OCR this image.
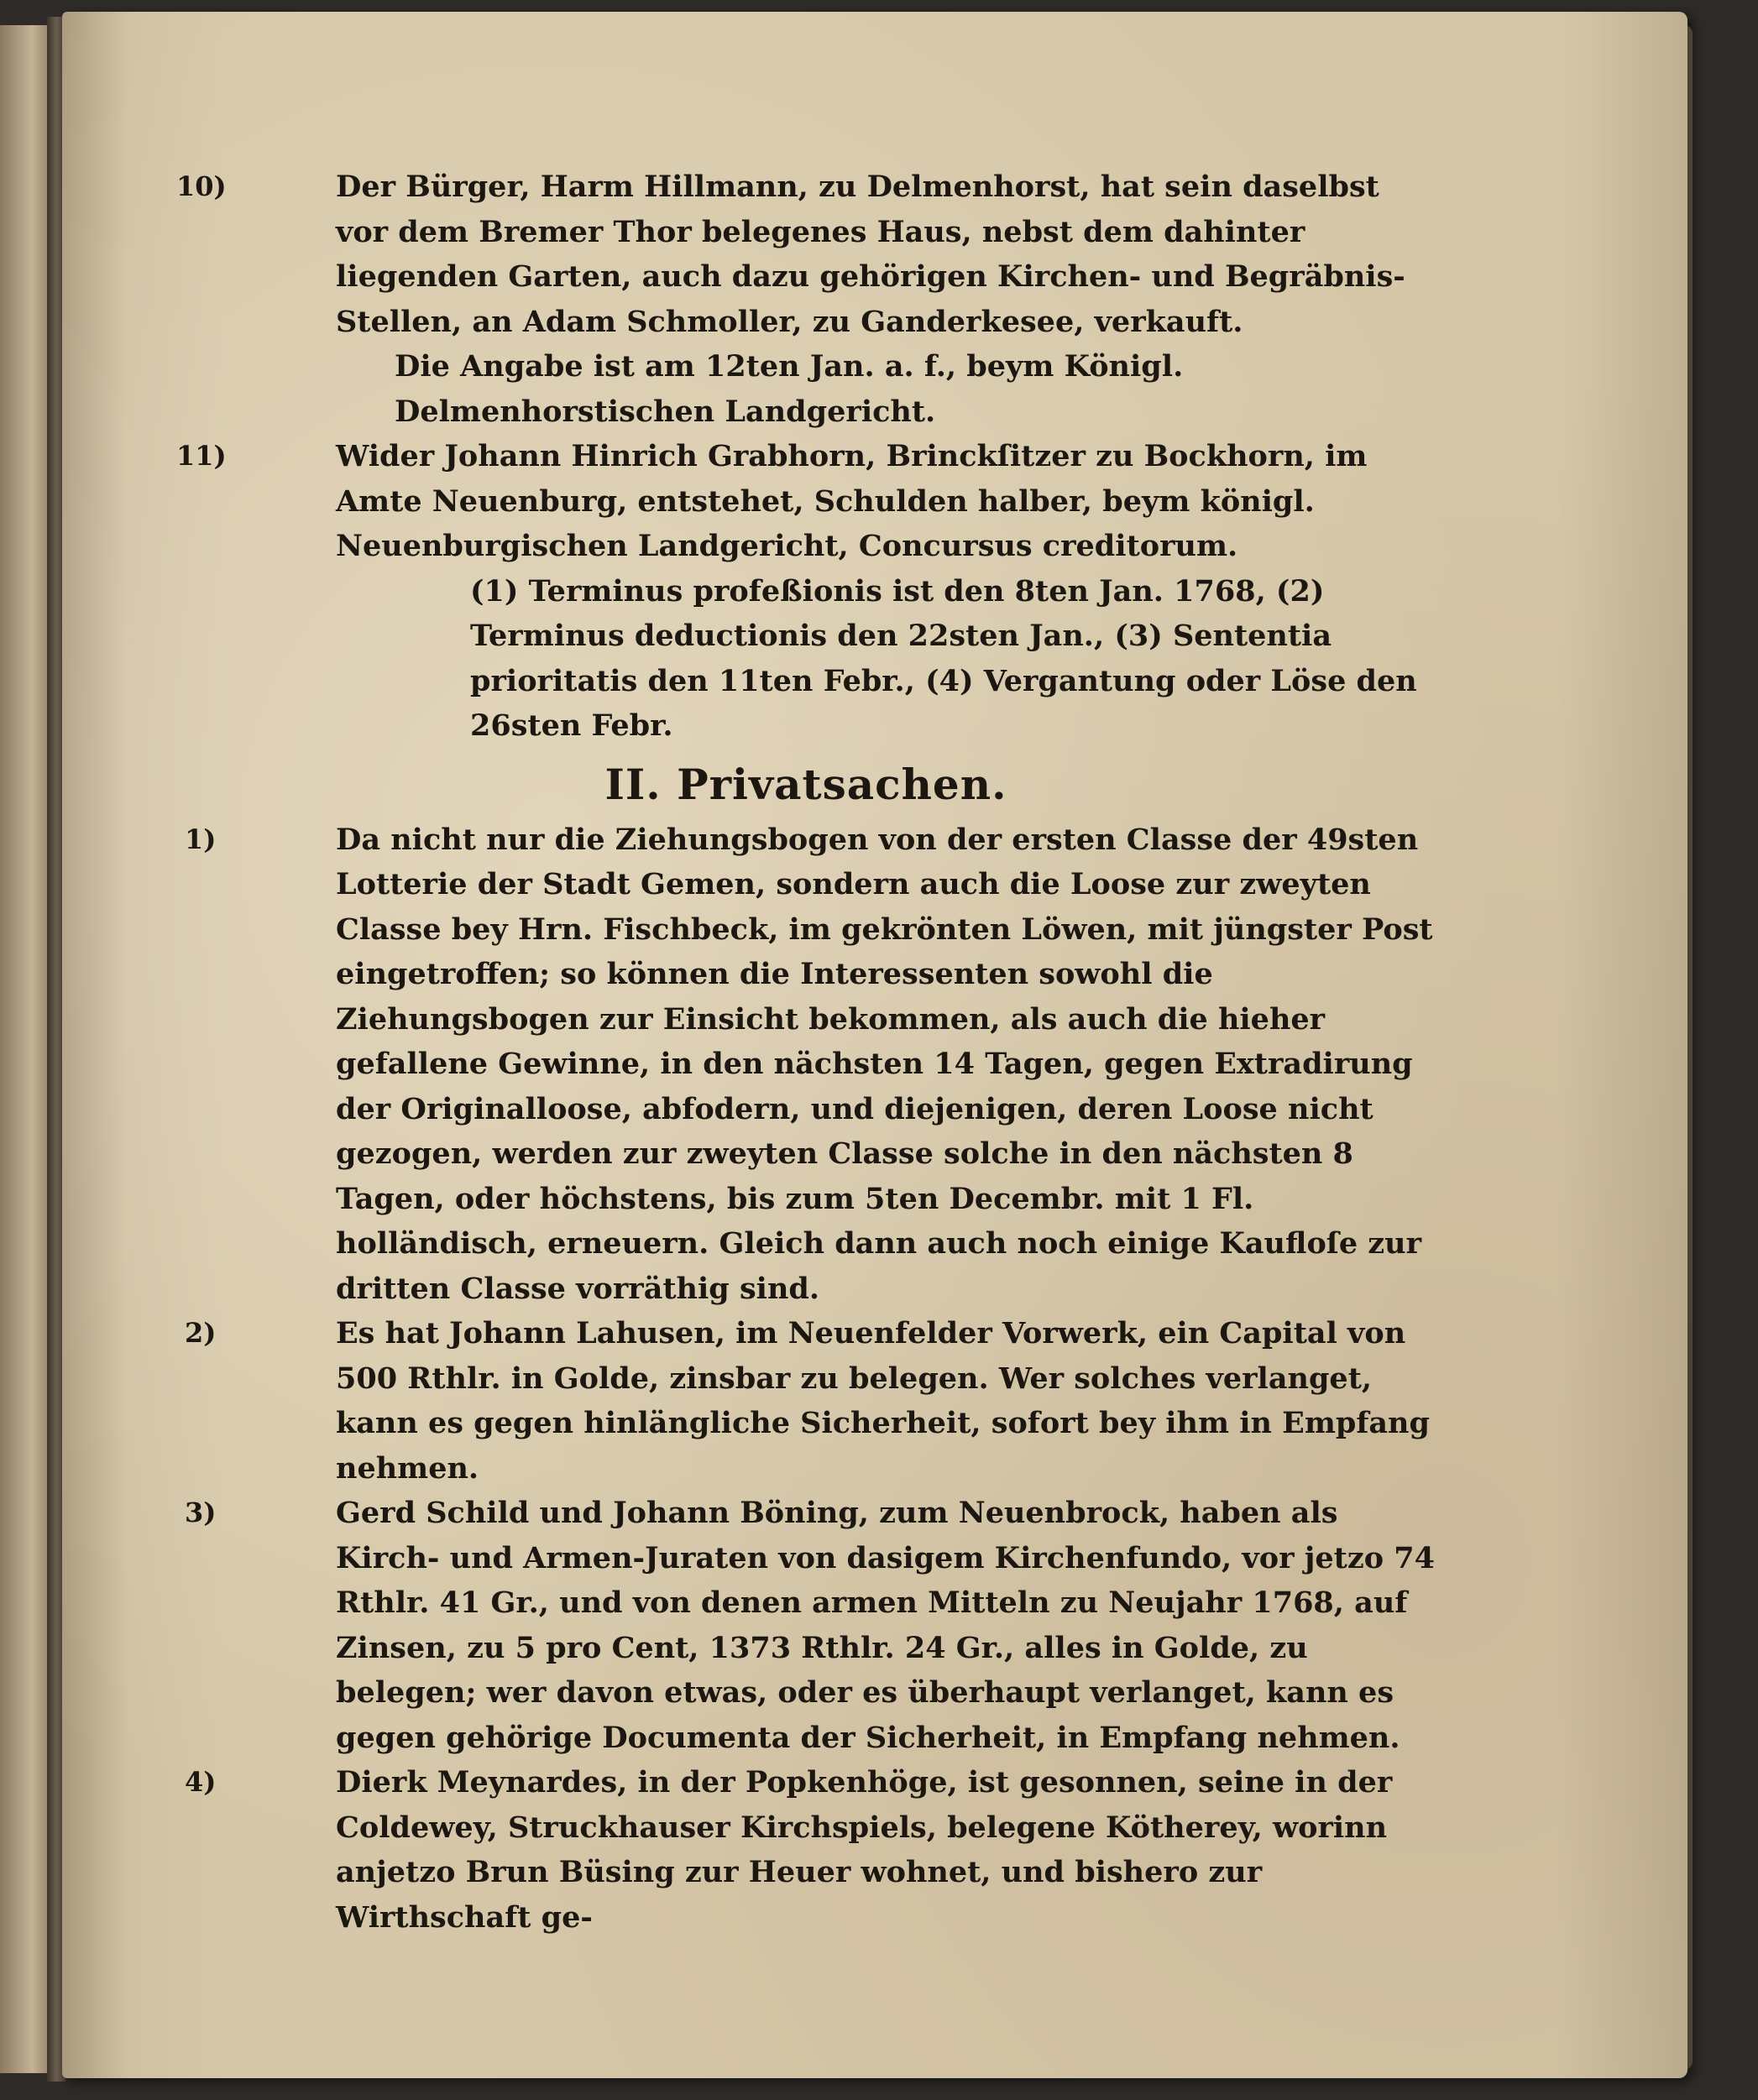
10)	Der Bürger, Harm Hillmann, zu Delmenhorst, hat sein daselbst vor dem Bremer Thor belegenes Haus, nebst dem dahinter liegenden Garten, auch dazu gehörigen Kirchen- und Begräbnis-Stellen, an Adam Schmoller, zu Ganderkesee, verkauft.
Die Angabe ist am 12ten Jan. a. f., beym Königl. Delmenhorstischen Landgericht.
11)	Wider Johann Hinrich Grabhorn, Brinckſitzer zu Bockhorn, im Amte Neuenburg, entstehet, Schulden halber, beym königl. Neuenburgischen Landgericht, Concursus creditorum.
(1) Terminus profeßionis ist den 8ten Jan. 1768, (2) Terminus deductionis den 22sten Jan., (3) Sententia prioritatis den 11ten Febr., (4) Vergantung oder Löse den 26sten Febr.
II. Privatsachen.
1)	Da nicht nur die Ziehungsbogen von der ersten Classe der 49sten Lotterie der Stadt Gemen, sondern auch die Loose zur zweyten Classe bey Hrn. Fischbeck, im gekrönten Löwen, mit jüngster Post eingetroffen; so können die Interessenten sowohl die Ziehungsbogen zur Einsicht bekommen, als auch die hieher gefallene Gewinne, in den nächsten 14 Tagen, gegen Extradirung der Originalloose, abfodern, und diejenigen, deren Loose nicht gezogen, werden zur zweyten Classe solche in den nächsten 8 Tagen, oder höchstens, bis zum 5ten Decembr. mit 1 Fl. holländisch, erneuern. Gleich dann auch noch einige Kaufloſe zur dritten Classe vorräthig sind.
2)	Es hat Johann Lahusen, im Neuenfelder Vorwerk, ein Capital von 500 Rthlr. in Golde, zinsbar zu belegen. Wer solches verlanget, kann es gegen hinlängliche Sicherheit, sofort bey ihm in Empfang nehmen.
3)	Gerd Schild und Johann Böning, zum Neuenbrock, haben als Kirch- und Armen-Juraten von dasigem Kirchenfundo, vor jetzo 74 Rthlr. 41 Gr., und von denen armen Mitteln zu Neujahr 1768, auf Zinsen, zu 5 pro Cent, 1373 Rthlr. 24 Gr., alles in Golde, zu belegen; wer davon etwas, oder es überhaupt verlanget, kann es gegen gehörige Documenta der Sicherheit, in Empfang nehmen.
4)	Dierk Meynardes, in der Popkenhöge, ist gesonnen, seine in der Coldewey, Struckhauser Kirchspiels, belegene Kötherey, worinn anjetzo Brun Büsing zur Heuer wohnet, und bishero zur Wirthschaft ge-
